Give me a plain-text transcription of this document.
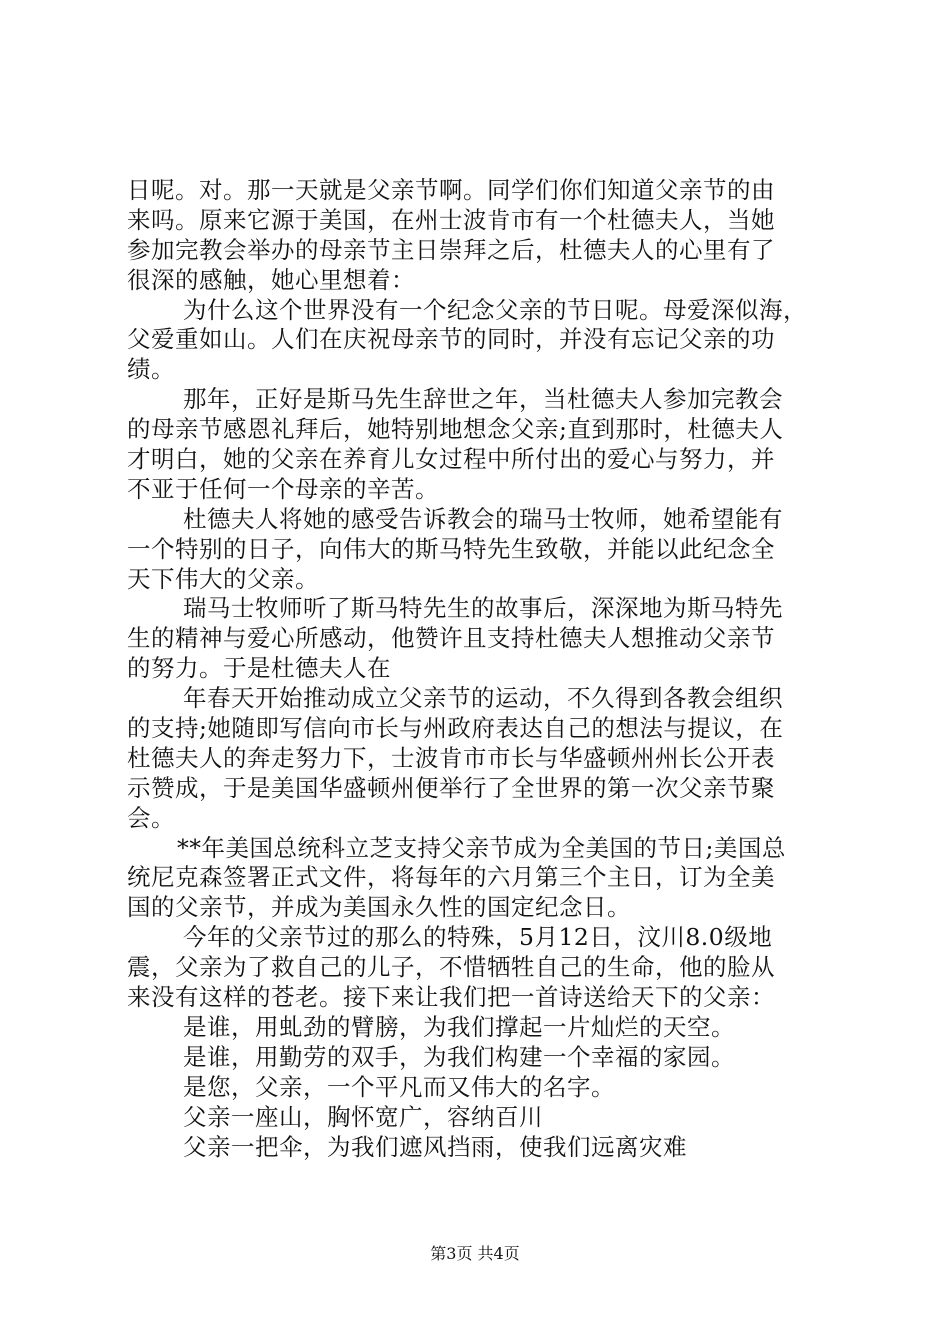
日呢。对。那一天就是父亲节啊。同学们你们知道父亲节的由
来吗。原来它源于美国，在州士波肯市有一个杜德夫人，当她
参加完教会举办的母亲节主日崇拜之后，杜德夫人的心里有了
很深的感触，她心里想着：
为什么这个世界没有一个纪念父亲的节日呢。母爱深似海，
父爱重如山。人们在庆祝母亲节的同时，并没有忘记父亲的功
绩。
那年，正好是斯马先生辞世之年，当杜德夫人参加完教会
的母亲节感恩礼拜后，她特别地想念父亲;直到那时，杜德夫人
才明白，她的父亲在养育儿女过程中所付出的爱心与努力，并
不亚于任何一个母亲的辛苦。
杜德夫人将她的感受告诉教会的瑞马士牧师，她希望能有
一个特别的日子，向伟大的斯马特先生致敬，并能以此纪念全
天下伟大的父亲。
瑞马士牧师听了斯马特先生的故事后，深深地为斯马特先
生的精神与爱心所感动，他赞许且支持杜德夫人想推动父亲节
的努力。于是杜德夫人在
年春天开始推动成立父亲节的运动，不久得到各教会组织
的支持;她随即写信向市长与州政府表达自己的想法与提议，在
杜德夫人的奔走努力下，士波肯市市长与华盛顿州州长公开表
示赞成，于是美国华盛顿州便举行了全世界的第一次父亲节聚
会。
**年美国总统科立芝支持父亲节成为全美国的节日;美国总
统尼克森签署正式文件，将每年的六月第三个主日，订为全美
国的父亲节，并成为美国永久性的国定纪念日。
今年的父亲节过的那么的特殊，5月12日，汶川8.0级地
震，父亲为了救自己的儿子，不惜牺牲自己的生命，他的脸从
来没有这样的苍老。接下来让我们把一首诗送给天下的父亲：
是谁，用虬劲的臂膀，为我们撑起一片灿烂的天空。
是谁，用勤劳的双手，为我们构建一个幸福的家园。
是您，父亲，一个平凡而又伟大的名字。
父亲一座山，胸怀宽广，容纳百川
父亲一把伞，为我们遮风挡雨，使我们远离灾难
第3页 共4页
